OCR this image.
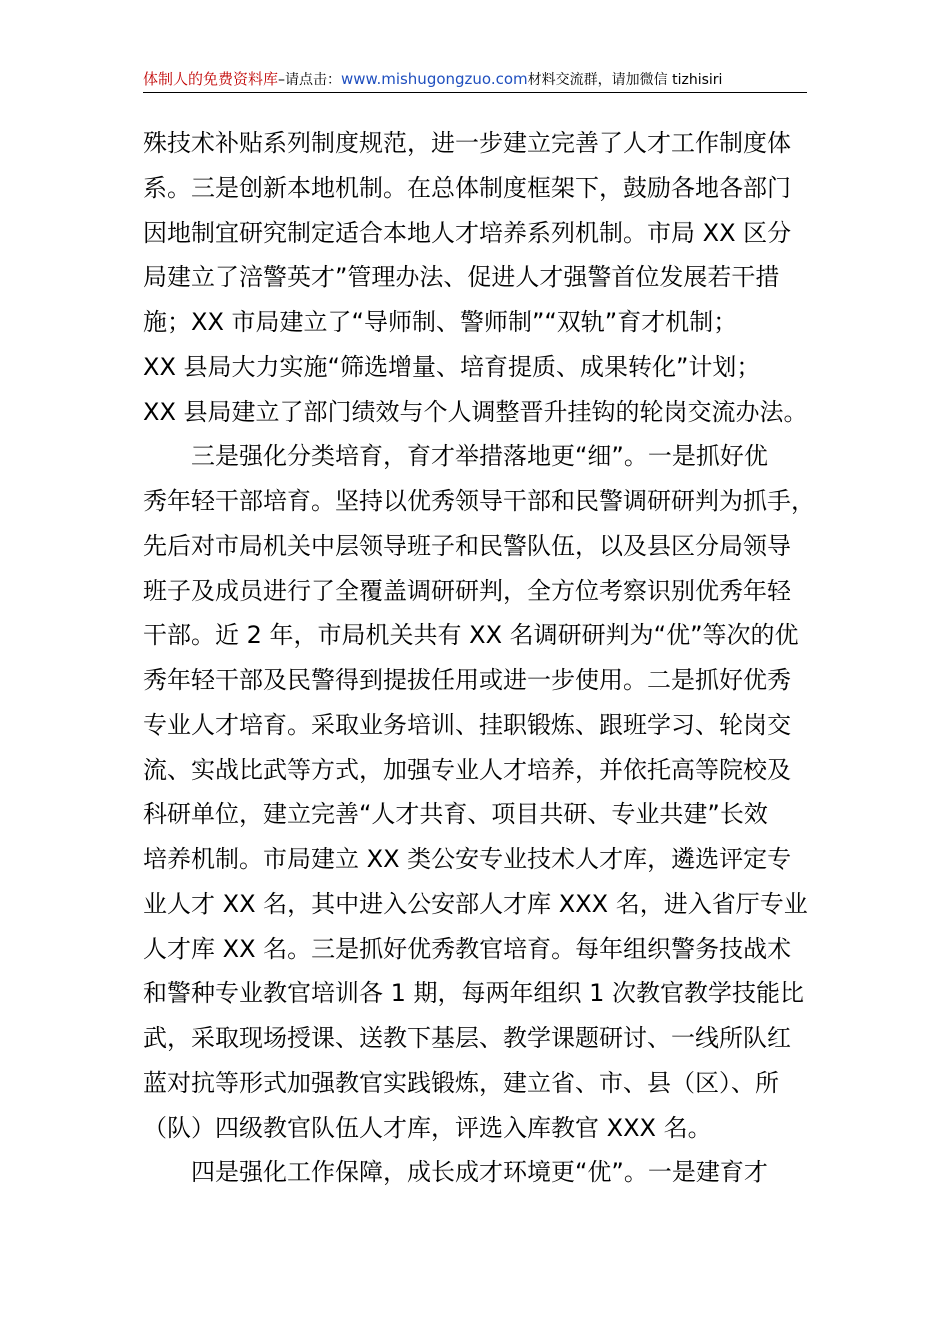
体制人的免费资料库–请点击：www.mishugongzuo.com材料交流群，请加微信 tizhisiri
殊技术补贴系列制度规范，进一步建立完善了人才工作制度体
系。三是创新本地机制。在总体制度框架下，鼓励各地各部门
因地制宜研究制定适合本地人才培养系列机制。市局 XX 区分
局建立了涪警英才”管理办法、促进人才强警首位发展若干措
施；XX 市局建立了“导师制、警师制”“双轨”育才机制；
XX 县局大力实施“筛选增量、培育提质、成果转化”计划；
XX 县局建立了部门绩效与个人调整晋升挂钩的轮岗交流办法。
三是强化分类培育，育才举措落地更“细”。一是抓好优
秀年轻干部培育。坚持以优秀领导干部和民警调研研判为抓手，
先后对市局机关中层领导班子和民警队伍，以及县区分局领导
班子及成员进行了全覆盖调研研判，全方位考察识别优秀年轻
干部。近 2 年，市局机关共有 XX 名调研研判为“优”等次的优
秀年轻干部及民警得到提拔任用或进一步使用。二是抓好优秀
专业人才培育。采取业务培训、挂职锻炼、跟班学习、轮岗交
流、实战比武等方式，加强专业人才培养，并依托高等院校及
科研单位，建立完善“人才共育、项目共研、专业共建”长效
培养机制。市局建立 XX 类公安专业技术人才库，遴选评定专
业人才 XX 名，其中进入公安部人才库 XXX 名，进入省厅专业
人才库 XX 名。三是抓好优秀教官培育。每年组织警务技战术
和警种专业教官培训各 1 期，每两年组织 1 次教官教学技能比
武，采取现场授课、送教下基层、教学课题研讨、一线所队红
蓝对抗等形式加强教官实践锻炼，建立省、市、县（区）、所
（队）四级教官队伍人才库，评选入库教官 XXX 名。
四是强化工作保障，成长成才环境更“优”。一是建育才
